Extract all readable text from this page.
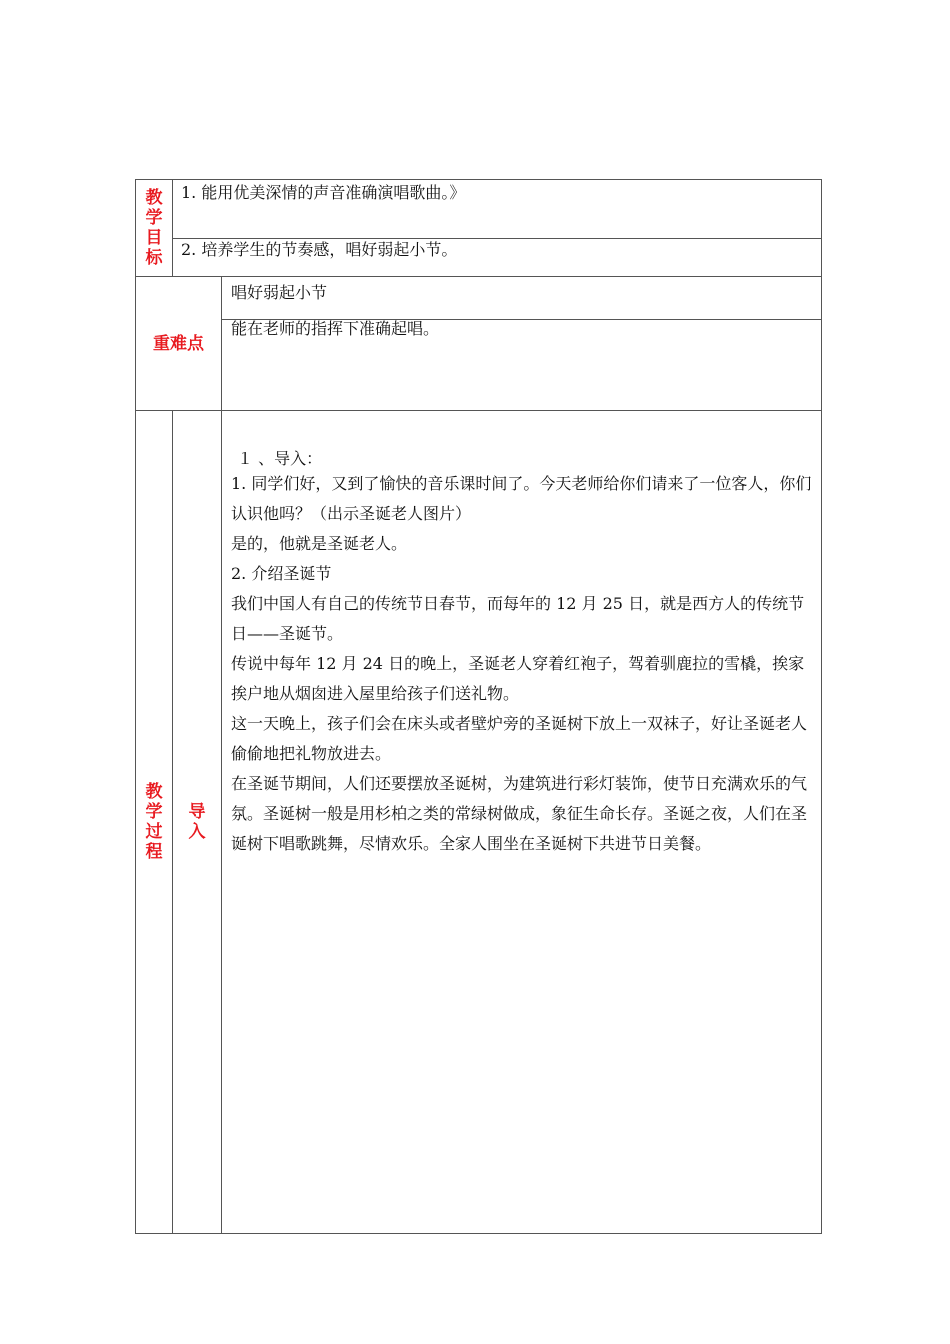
教
学
目
标
1. 能用优美深情的声音准确演唱歌曲。》
2. 培养学生的节奏感，唱好弱起小节。
重难点
唱好弱起小节
能在老师的指挥下准确起唱。
教
学
过
程
导
入
１ 、导入：

1. 同学们好，又到了愉快的音乐课时间了。今天老师给你们请来了一位客人，你们认识他吗？（出示圣诞老人图片）

是的，他就是圣诞老人。

2. 介绍圣诞节

我们中国人有自己的传统节日春节，而每年的 12 月 25 日，就是西方人的传统节日——圣诞节。

传说中每年 12 月 24 日的晚上，圣诞老人穿着红袍子，驾着驯鹿拉的雪橇，挨家挨户地从烟囱进入屋里给孩子们送礼物。

这一天晚上，孩子们会在床头或者壁炉旁的圣诞树下放上一双袜子，好让圣诞老人偷偷地把礼物放进去。

在圣诞节期间，人们还要摆放圣诞树，为建筑进行彩灯装饰，使节日充满欢乐的气氛。圣诞树一般是用杉柏之类的常绿树做成，象征生命长存。圣诞之夜，人们在圣诞树下唱歌跳舞，尽情欢乐。全家人围坐在圣诞树下共进节日美餐。
